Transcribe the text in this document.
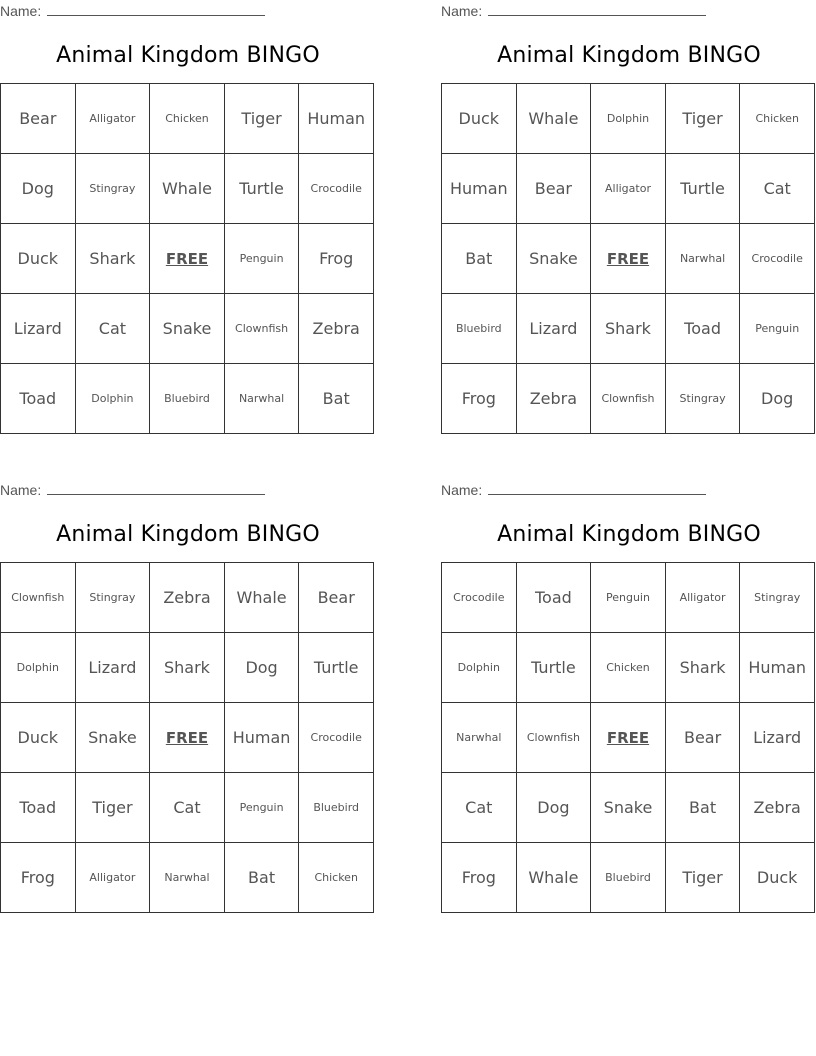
Name:
Animal Kingdom BINGO
Bear	Alligator	Chicken	Tiger	Human
Dog	Stingray	Whale	Turtle	Crocodile
Duck	Shark	FREE	Penguin	Frog
Lizard	Cat	Snake	Clownfish	Zebra
Toad	Dolphin	Bluebird	Narwhal	Bat
Name:
Animal Kingdom BINGO
Duck	Whale	Dolphin	Tiger	Chicken
Human	Bear	Alligator	Turtle	Cat
Bat	Snake	FREE	Narwhal	Crocodile
Bluebird	Lizard	Shark	Toad	Penguin
Frog	Zebra	Clownfish	Stingray	Dog
Name:
Animal Kingdom BINGO
Clownfish	Stingray	Zebra	Whale	Bear
Dolphin	Lizard	Shark	Dog	Turtle
Duck	Snake	FREE	Human	Crocodile
Toad	Tiger	Cat	Penguin	Bluebird
Frog	Alligator	Narwhal	Bat	Chicken
Name:
Animal Kingdom BINGO
Crocodile	Toad	Penguin	Alligator	Stingray
Dolphin	Turtle	Chicken	Shark	Human
Narwhal	Clownfish	FREE	Bear	Lizard
Cat	Dog	Snake	Bat	Zebra
Frog	Whale	Bluebird	Tiger	Duck
